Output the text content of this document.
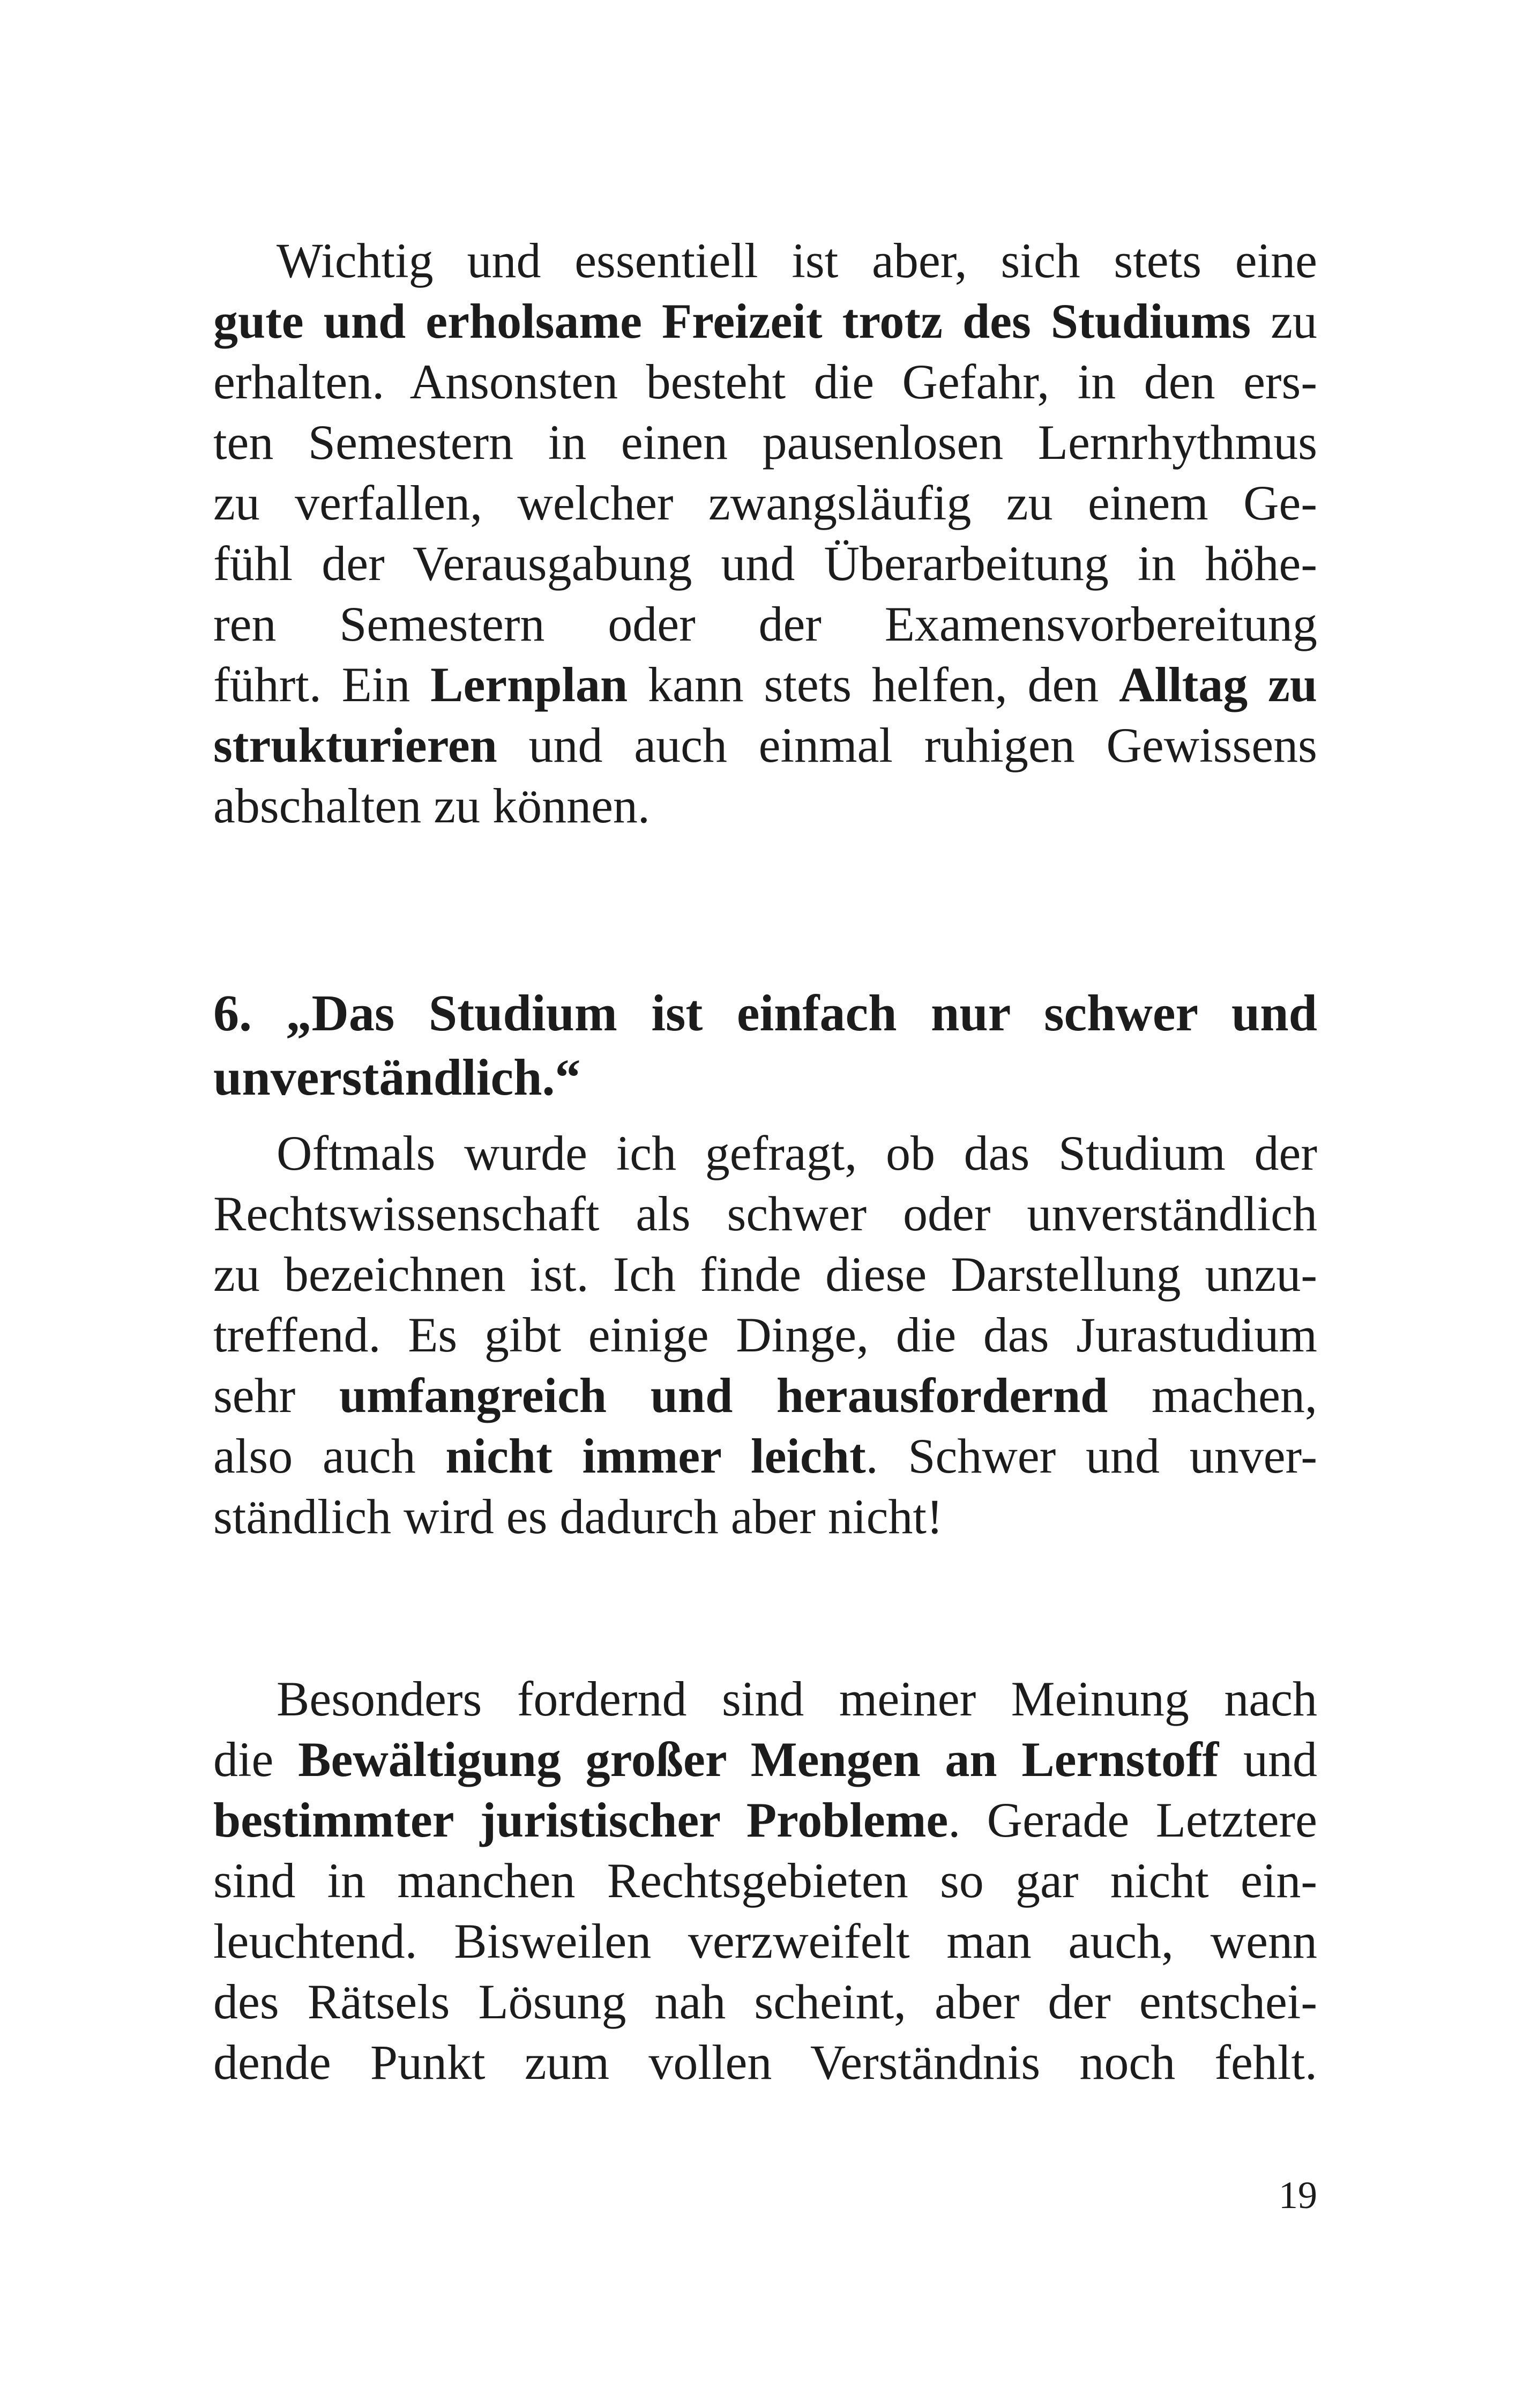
Wichtig und essentiell ist aber, sich stets eine
gute und erholsame Freizeit trotz des Studiums zu
erhalten. Ansonsten besteht die Gefahr, in den ers-
ten Semestern in einen pausenlosen Lernrhythmus
zu verfallen, welcher zwangsläufig zu einem Ge-
fühl der Verausgabung und Überarbeitung in höhe-
ren Semestern oder der Examensvorbereitung
führt. Ein Lernplan kann stets helfen, den Alltag zu
strukturieren und auch einmal ruhigen Gewissens
abschalten zu können.

6. „Das Studium ist einfach nur schwer und
unverständlich.“

Oftmals wurde ich gefragt, ob das Studium der
Rechtswissenschaft als schwer oder unverständlich
zu bezeichnen ist. Ich finde diese Darstellung unzu-
treffend. Es gibt einige Dinge, die das Jurastudium
sehr umfangreich und herausfordernd machen,
also auch nicht immer leicht. Schwer und unver-
ständlich wird es dadurch aber nicht!

Besonders fordernd sind meiner Meinung nach
die Bewältigung großer Mengen an Lernstoff und
bestimmter juristischer Probleme. Gerade Letztere
sind in manchen Rechtsgebieten so gar nicht ein-
leuchtend. Bisweilen verzweifelt man auch, wenn
des Rätsels Lösung nah scheint, aber der entschei-
dende Punkt zum vollen Verständnis noch fehlt.

19
